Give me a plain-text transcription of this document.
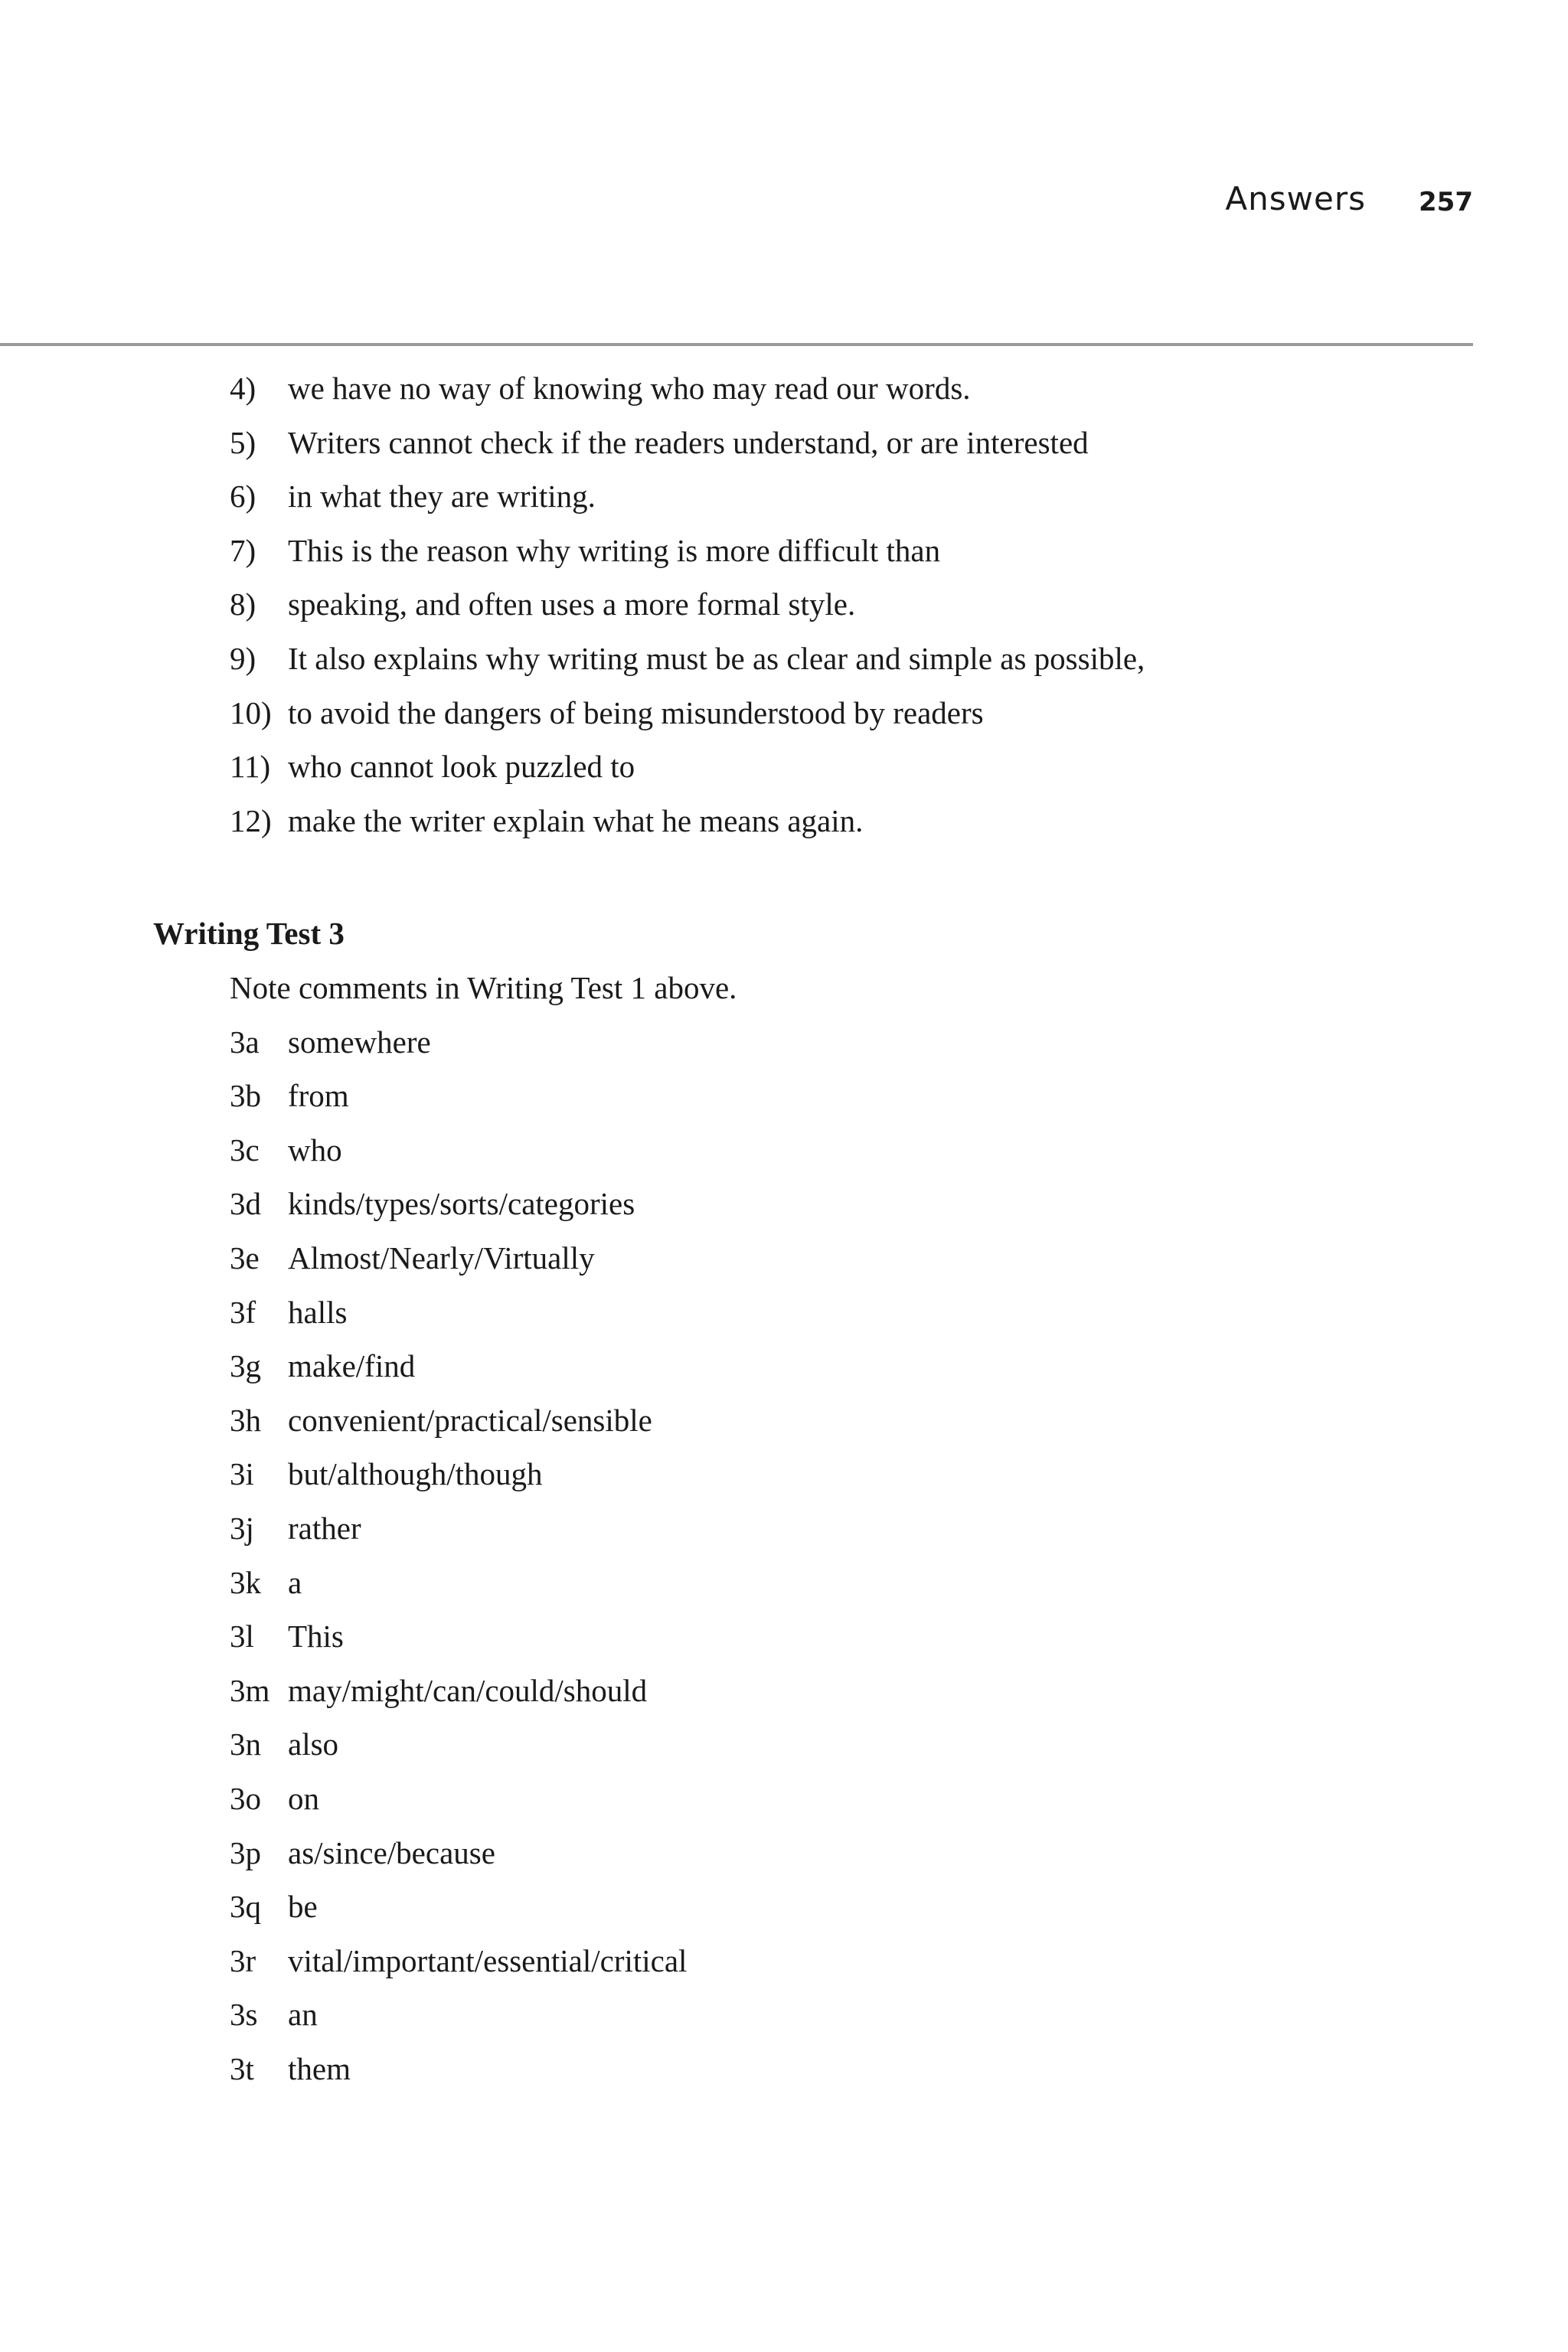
Answers 257
4)	we have no way of knowing who may read our words.
5)	Writers cannot check if the readers understand, or are interested
6)	in what they are writing.
7)	This is the reason why writing is more difficult than
8)	speaking, and often uses a more formal style.
9)	It also explains why writing must be as clear and simple as possible,
10) to avoid the dangers of being misunderstood by readers
11) who cannot look puzzled to
12) make the writer explain what he means again.
Writing Test 3
Note comments in Writing Test 1 above.
3a somewhere
3b from
3c who
3d kinds/types/sorts/categories
3e Almost/Nearly/Virtually
3f	halls
3g make/find
3h convenient/practical/sensible
3i	but/although/though
3j	rather
3k a
3l	This
3m may/might/can/could/should
3n also
3o on
3p as/since/because
3q be
3r	vital/important/essential/critical
3s an
3t	them
